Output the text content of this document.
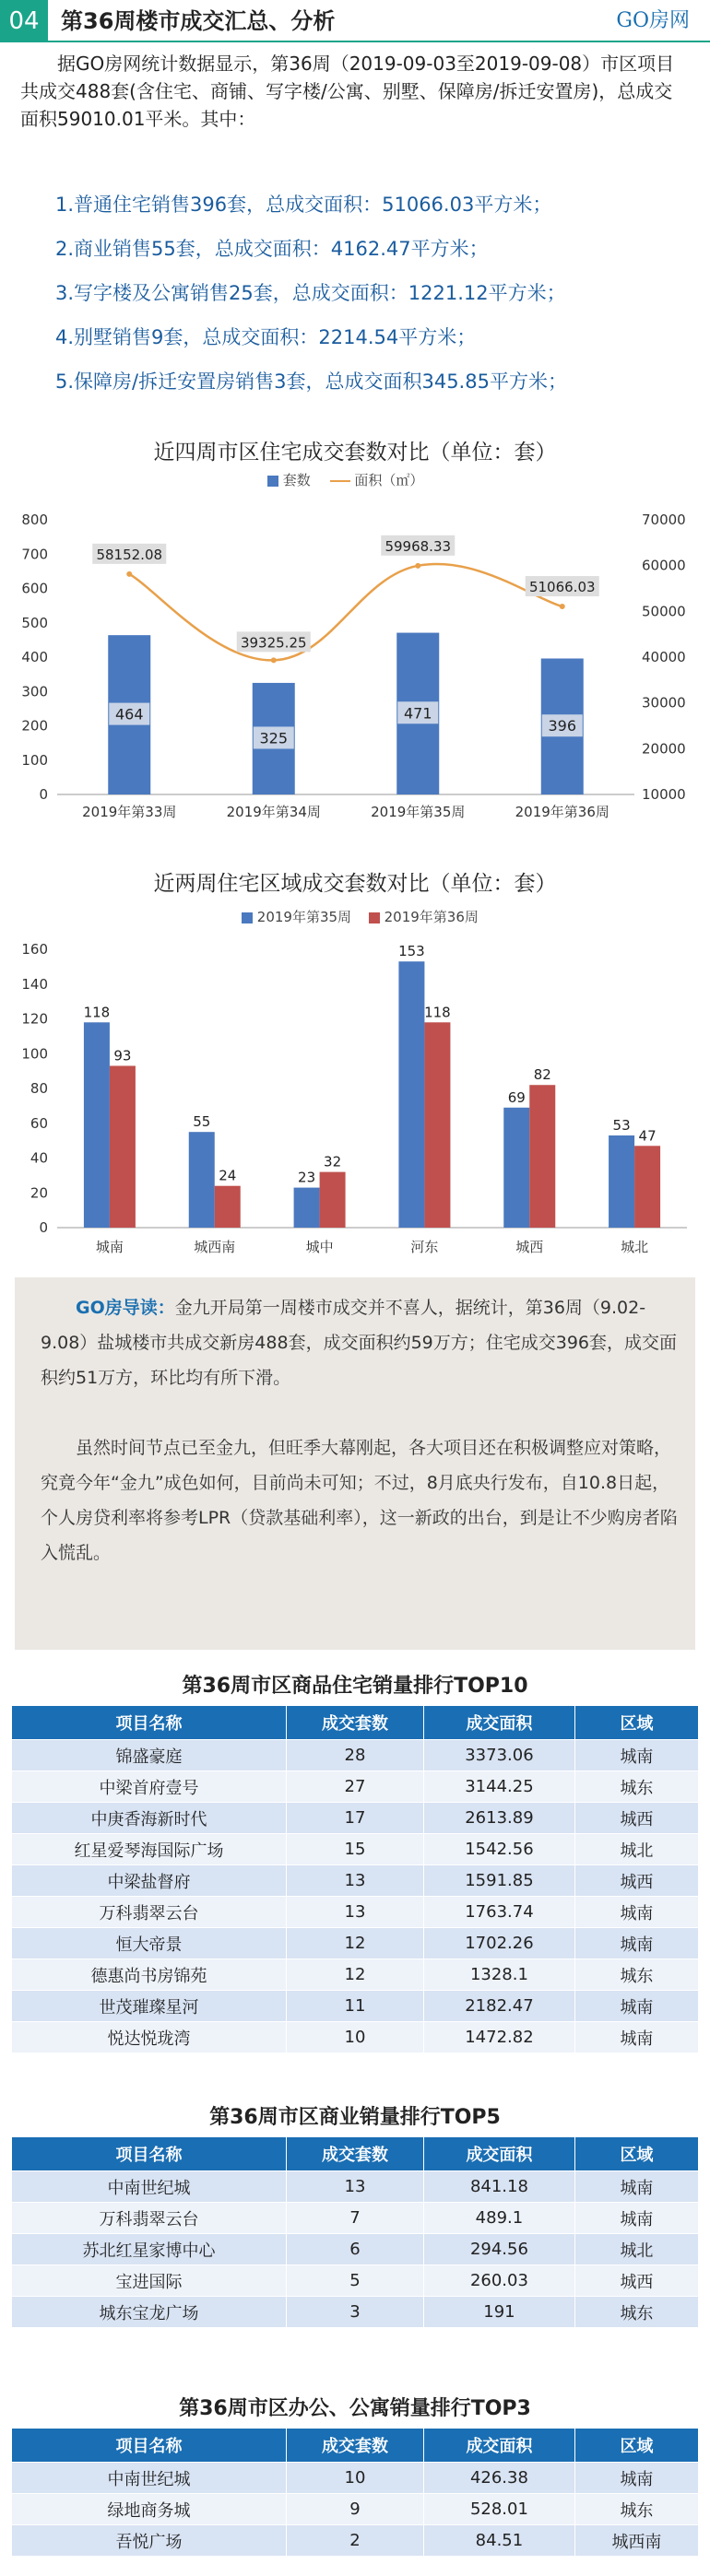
04 第36周楼市成交汇总、分析	GO房网

据GO房网统计数据显示，第36周（2019-09-03至2019-09-08）市区项目共成交488套(含住宅、商铺、写字楼/公寓、别墅、保障房/拆迁安置房)，总成交面积59010.01平米。其中：

1.普通住宅销售396套，总成交面积：51066.03平方米；
2.商业销售55套，总成交面积：4162.47平方米；
3.写字楼及公寓销售25套，总成交面积：1221.12平方米；
4.别墅销售9套，总成交面积：2214.54平方米；
5.保障房/拆迁安置房销售3套，总成交面积345.85平方米；
近四周市区住宅成交套数对比（单位：套）
套数	面积（㎡）
0
100
200
300
400
500
600
700
800
10000
20000
30000
40000
50000
60000
70000
464
2019年第33周
325
2019年第34周
471
2019年第35周
396
2019年第36周
58152.08
39325.25
59968.33
51066.03
近两周住宅区域成交套数对比（单位：套）
2019年第35周 2019年第36周
0
20
40
60
80
100
120
140
160
118
93
城南
55
24
城西南
23
32
城中
153
118
河东
69
82
城西
53
47
城北

GO房导读：金九开局第一周楼市成交并不喜人，据统计，第36周（9.02-9.08）盐城楼市共成交新房488套，成交面积约59万方；住宅成交396套，成交面积约51万方，环比均有所下滑。

虽然时间节点已至金九，但旺季大幕刚起，各大项目还在积极调整应对策略，究竟今年“金九”成色如何，目前尚未可知；不过，8月底央行发布，自10.8日起，个人房贷利率将参考LPR（贷款基础利率），这一新政的出台，到是让不少购房者陷入慌乱。

第36周市区商品住宅销量排行TOP10
项目名称	成交套数	成交面积	区域
锦盛豪庭	28	3373.06	城南
中梁首府壹号	27	3144.25	城东
中庚香海新时代	17	2613.89	城西
红星爱琴海国际广场	15	1542.56	城北
中梁盐督府	13	1591.85	城西
万科翡翠云台	13	1763.74	城南
恒大帝景	12	1702.26	城南
德惠尚书房锦苑	12	1328.1	城东
世茂璀璨星河	11	2182.47	城南
悦达悦珑湾	10	1472.82	城南
第36周市区商业销量排行TOP5
项目名称	成交套数	成交面积	区域
中南世纪城	13	841.18	城南
万科翡翠云台	7	489.1	城南
苏北红星家博中心	6	294.56	城北
宝进国际	5	260.03	城西
城东宝龙广场	3	191	城东
第36周市区办公、公寓销量排行TOP3
项目名称	成交套数	成交面积	区域
中南世纪城	10	426.38	城南
绿地商务城	9	528.01	城东
吾悦广场	2	84.51	城西南
